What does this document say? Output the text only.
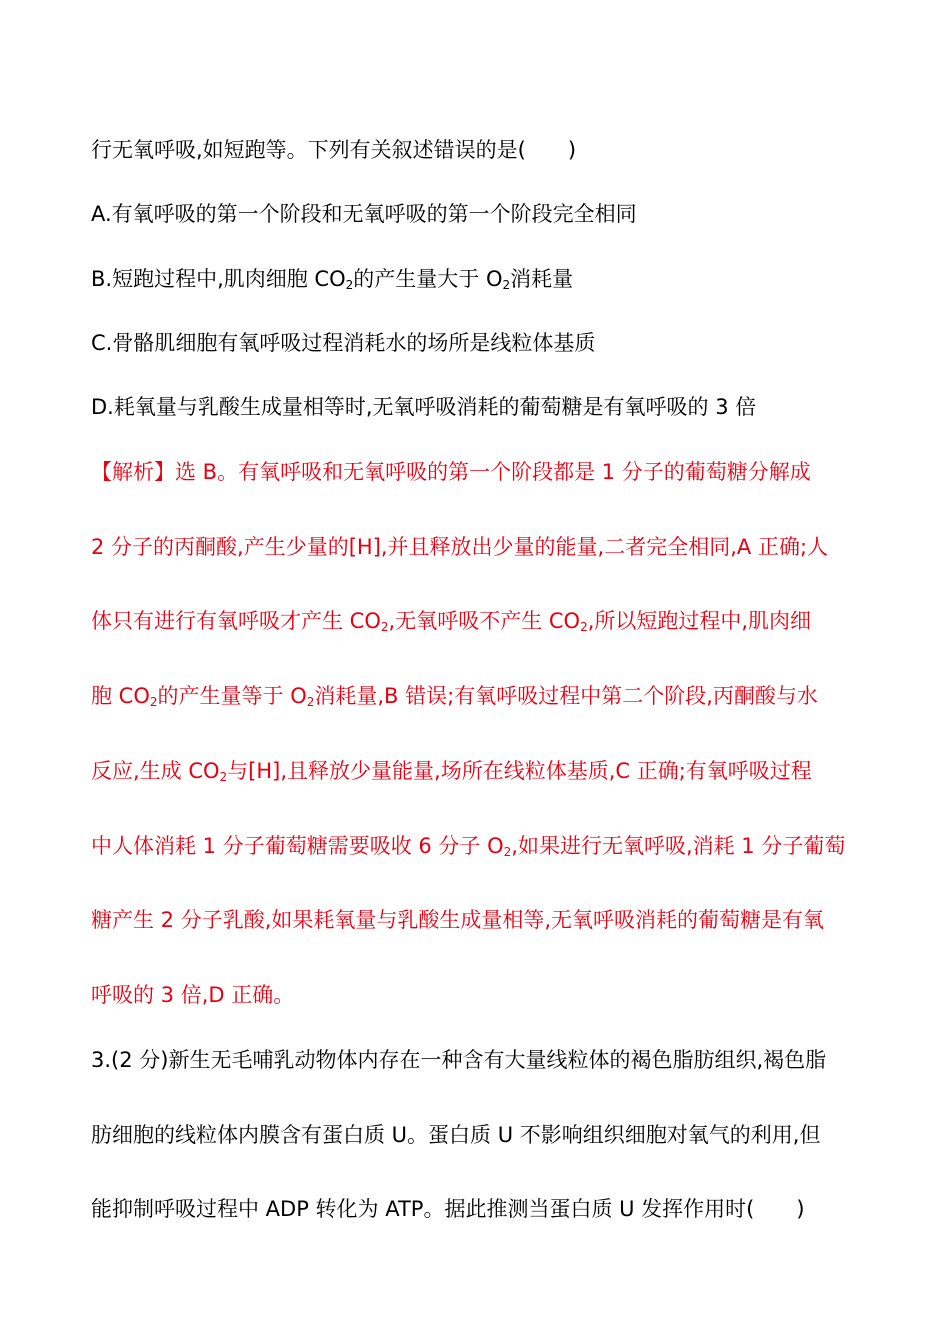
行无氧呼吸,如短跑等。下列有关叙述错误的是(　　)
A.有氧呼吸的第一个阶段和无氧呼吸的第一个阶段完全相同
B.短跑过程中,肌肉细胞 $CO_2$的产生量大于 $O_2$消耗量
C.骨骼肌细胞有氧呼吸过程消耗水的场所是线粒体基质
D.耗氧量与乳酸生成量相等时,无氧呼吸消耗的葡萄糖是有氧呼吸的 3 倍
【解析】选 B。有氧呼吸和无氧呼吸的第一个阶段都是 1 分子的葡萄糖分解成
2 分子的丙酮酸,产生少量的[H],并且释放出少量的能量,二者完全相同,A 正确;人
体只有进行有氧呼吸才产生 $CO_2$,无氧呼吸不产生 $CO_2$,所以短跑过程中,肌肉细
胞 $CO_2$的产生量等于 $O_2$消耗量,B 错误;有氧呼吸过程中第二个阶段,丙酮酸与水
反应,生成 $CO_2$与[H],且释放少量能量,场所在线粒体基质,C 正确;有氧呼吸过程
中人体消耗 1 分子葡萄糖需要吸收 6 分子 $O_2$,如果进行无氧呼吸,消耗 1 分子葡萄
糖产生 2 分子乳酸,如果耗氧量与乳酸生成量相等,无氧呼吸消耗的葡萄糖是有氧
呼吸的 3 倍,D 正确。
3.(2 分)新生无毛哺乳动物体内存在一种含有大量线粒体的褐色脂肪组织,褐色脂
肪细胞的线粒体内膜含有蛋白质 U。蛋白质 U 不影响组织细胞对氧气的利用,但
能抑制呼吸过程中 ADP 转化为 ATP。据此推测当蛋白质 U 发挥作用时(　　)
